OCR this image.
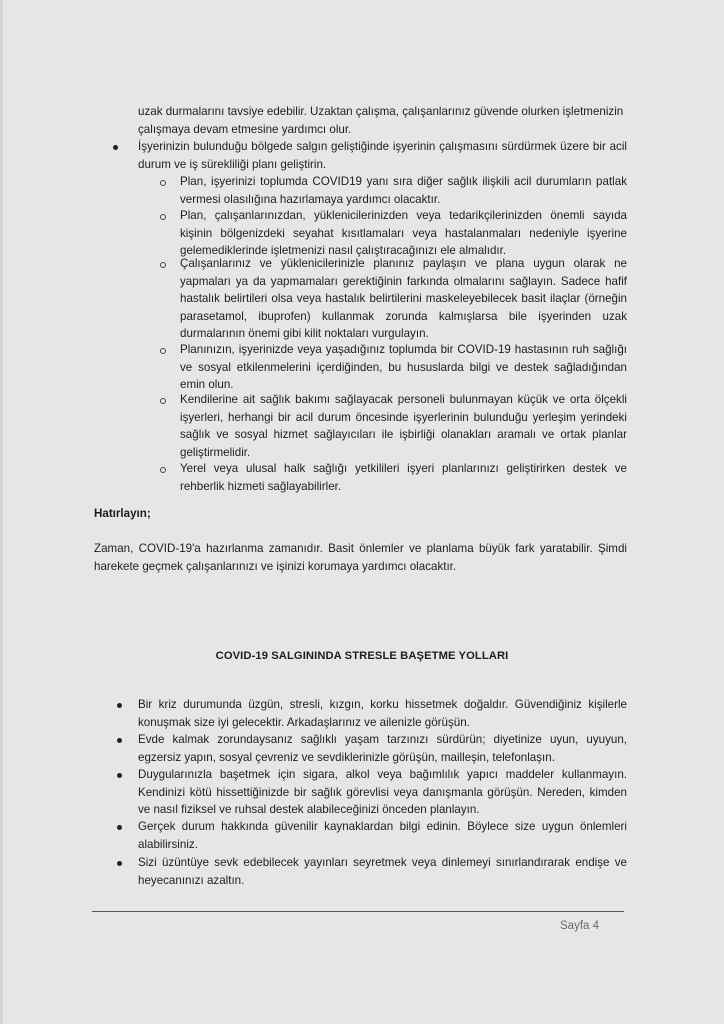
uzak durmalarını tavsiye edebilir. Uzaktan çalışma, çalışanlarınız güvende olurken işletmenizin
çalışmaya devam etmesine yardımcı olur.
İşyerinizin bulunduğu bölgede salgın geliştiğinde işyerinin çalışmasını sürdürmek üzere bir acil durum ve iş sürekliliği planı geliştirin.
Plan, işyerinizi toplumda COVID19 yanı sıra diğer sağlık ilişkili acil durumların patlak vermesi olasılığına hazırlamaya yardımcı olacaktır.
Plan, çalışanlarınızdan, yüklenicilerinizden veya tedarikçilerinizden önemli sayıda kişinin bölgenizdeki seyahat kısıtlamaları veya hastalanmaları nedeniyle işyerine gelemediklerinde işletmenizi nasıl çalıştıracağınızı ele almalıdır.
Çalışanlarınız ve yüklenicilerinizle planınız paylaşın ve plana uygun olarak ne yapmaları ya da yapmamaları gerektiğinin farkında olmalarını sağlayın. Sadece hafif hastalık belirtileri olsa veya hastalık belirtilerini maskeleyebilecek basit ilaçlar (örneğin parasetamol, ibuprofen) kullanmak zorunda kalmışlarsa bile işyerinden uzak durmalarının önemi gibi kilit noktaları vurgulayın.
Planınızın, işyerinizde veya yaşadığınız toplumda bir COVID-19 hastasının ruh sağlığı ve sosyal etkilenmelerini içerdiğinden, bu hususlarda bilgi ve destek sağladığından emin olun.
Kendilerine ait sağlık bakımı sağlayacak personeli bulunmayan küçük ve orta ölçekli işyerleri, herhangi bir acil durum öncesinde işyerlerinin bulunduğu yerleşim yerindeki sağlık ve sosyal hizmet sağlayıcıları ile işbirliği olanakları aramalı ve ortak planlar geliştirmelidir.
Yerel veya ulusal halk sağlığı yetkilileri işyeri planlarınızı geliştirirken destek ve rehberlik hizmeti sağlayabilirler.
Hatırlayın;
Zaman, COVID-19'a hazırlanma zamanıdır. Basit önlemler ve planlama büyük fark yaratabilir. Şimdi harekete geçmek çalışanlarınızı ve işinizi korumaya yardımcı olacaktır.
COVID-19 SALGININDA STRESLE BAŞETME YOLLARI
Bir kriz durumunda üzgün, stresli, kızgın, korku hissetmek doğaldır. Güvendiğiniz kişilerle konuşmak size iyi gelecektir. Arkadaşlarınız ve ailenizle görüşün.
Evde kalmak zorundaysanız sağlıklı yaşam tarzınızı sürdürün; diyetinize uyun, uyuyun, egzersiz yapın, sosyal çevreniz ve sevdiklerinizle görüşün, mailleşin, telefonlaşın.
Duygularınızla başetmek için sigara, alkol veya bağımlılık yapıcı maddeler kullanmayın. Kendinizi kötü hissettiğinizde bir sağlık görevlisi veya danışmanla görüşün. Nereden, kimden ve nasıl fiziksel ve ruhsal destek alabileceğinizi önceden planlayın.
Gerçek durum hakkında güvenilir kaynaklardan bilgi edinin. Böylece size uygun önlemleri alabilirsiniz.
Sizi üzüntüye sevk edebilecek yayınları seyretmek veya dinlemeyi sınırlandırarak endişe ve heyecanınızı azaltın.
Sayfa 4
